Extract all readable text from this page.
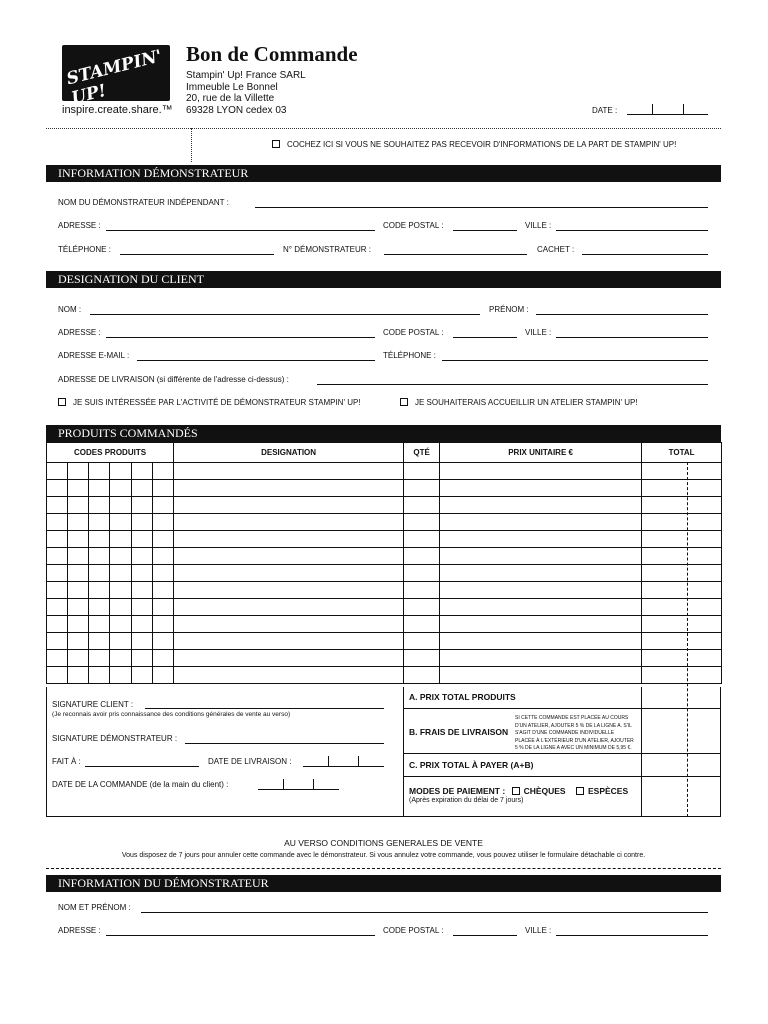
STAMPIN' UP!
inspire.create.share.™
Bon de Commande
Stampin' Up! France SARL
Immeuble Le Bonnel
20, rue de la Villette
69328 LYON cedex 03	DATE :
COCHEZ ICI SI VOUS NE SOUHAITEZ PAS RECEVOIR D'INFORMATIONS DE LA PART DE STAMPIN' UP!
INFORMATION DÉMONSTRATEUR
NOM DU DÉMONSTRATEUR INDÉPENDANT :
ADRESSE :	CODE POSTAL :	VILLE :
TÉLÉPHONE :	N° DÉMONSTRATEUR :	CACHET :
DESIGNATION DU CLIENT
NOM :	PRÉNOM :
ADRESSE :	CODE POSTAL :	VILLE :
ADRESSE E-MAIL :	TÉLÉPHONE :
ADRESSE DE LIVRAISON (si différente de l'adresse ci-dessus) :
JE SUIS INTÉRESSÉE PAR L'ACTIVITÉ DE DÉMONSTRATEUR STAMPIN' UP!	JE SOUHAITERAIS ACCUEILLIR UN ATELIER STAMPIN' UP!
PRODUITS COMMANDÉS
CODES PRODUITS						DESIGNATION	QTÉ	PRIX UNITAIRE €	TOTAL

A. PRIX TOTAL PRODUITS
B. FRAIS DE LIVRAISON
SI CETTE COMMANDE EST PLACÉE AU COURS D'UN ATELIER, AJOUTER 5 % DE LA LIGNE A. S'IL S'AGIT D'UNE COMMANDE INDIVIDUELLE PLACÉE À L'EXTÉRIEUR D'UN ATELIER, AJOUTER 5 % DE LA LIGNE A AVEC UN MINIMUM DE 5,95 €.
C. PRIX TOTAL À PAYER (A+B)
MODES DE PAIEMENT : CHÈQUES	ESPÈCES
(Après expiration du délai de 7 jours)
SIGNATURE CLIENT :
(Je reconnais avoir pris connaissance des conditions générales de vente au verso)
SIGNATURE DÉMONSTRATEUR :
FAIT À :	DATE DE LIVRAISON :
DATE DE LA COMMANDE (de la main du client) :
AU VERSO CONDITIONS GENERALES DE VENTE
Vous disposez de 7 jours pour annuler cette commande avec le démonstrateur. Si vous annulez votre commande, vous pouvez utiliser le formulaire détachable ci contre.
INFORMATION DU DÉMONSTRATEUR
NOM ET PRÉNOM :
ADRESSE :	CODE POSTAL :	VILLE :
